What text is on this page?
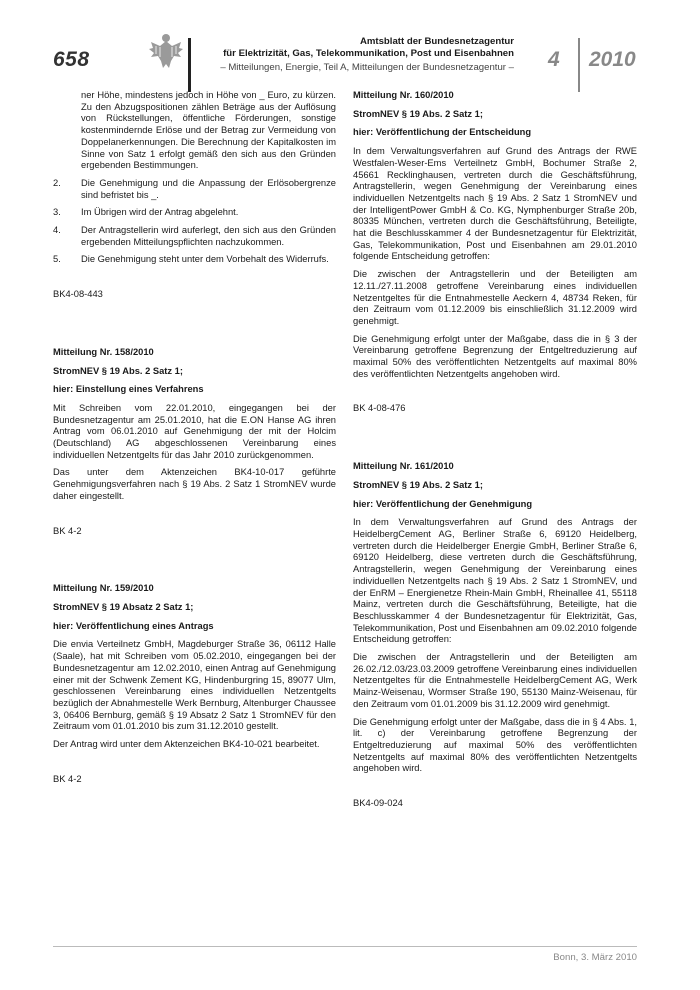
658
Amtsblatt der Bundesnetzagentur
für Elektrizität, Gas, Telekommunikation, Post und Eisenbahnen
– Mitteilungen, Energie, Teil A, Mitteilungen der Bundesnetzagentur – 4 2010

ner Höhe, mindestens jedoch in Höhe von _ Euro, zu kürzen. Zu den Abzugspositionen zählen Beträge aus der Auflösung von Rückstellungen, öffentliche Förderungen, sonstige kostenmindernde Erlöse und der Betrag zur Vermeidung von Doppelanerkennungen. Die Berechnung der Kapitalkosten im Sinne von Satz 1 erfolgt gemäß den sich aus den Gründen ergebenden Bestimmungen.

2.	Die Genehmigung und die Anpassung der Erlösobergrenze sind befristet bis _.
3.	Im Übrigen wird der Antrag abgelehnt.
4.	Der Antragstellerin wird auferlegt, den sich aus den Gründen ergebenden Mitteilungspflichten nachzukommen.
5.	Die Genehmigung steht unter dem Vorbehalt des Widerrufs.

BK4-08-443

Mitteilung Nr. 158/2010

StromNEV § 19 Abs. 2 Satz 1;

hier: Einstellung eines Verfahrens

Mit Schreiben vom 22.01.2010, eingegangen bei der Bundesnetzagentur am 25.01.2010, hat die E.ON Hanse AG ihren Antrag vom 06.01.2010 auf Genehmigung der mit der Holcim (Deutschland) AG abgeschlossenen Vereinbarung eines individuellen Netzentgelts für das Jahr 2010 zurückgenommen.

Das unter dem Aktenzeichen BK4-10-017 geführte Genehmigungsverfahren nach § 19 Abs. 2 Satz 1 StromNEV wurde daher eingestellt.

BK 4-2

Mitteilung Nr. 159/2010

StromNEV § 19 Absatz 2 Satz 1;

hier: Veröffentlichung eines Antrags

Die envia Verteilnetz GmbH, Magdeburger Straße 36, 06112 Halle (Saale), hat mit Schreiben vom 05.02.2010, eingegangen bei der Bundesnetzagentur am 12.02.2010, einen Antrag auf Genehmigung einer mit der Schwenk Zement KG, Hindenburgring 15, 89077 Ulm, geschlossenen Vereinbarung eines individuellen Netzentgelts bezüglich der Abnahmestelle Werk Bernburg, Altenburger Chaussee 3, 06406 Bernburg, gemäß § 19 Absatz 2 Satz 1 StromNEV für den Zeitraum vom 01.01.2010 bis zum 31.12.2010 gestellt.

Der Antrag wird unter dem Aktenzeichen BK4-10-021 bearbeitet.

BK 4-2

Mitteilung Nr. 160/2010

StromNEV § 19 Abs. 2 Satz 1;

hier: Veröffentlichung der Entscheidung

In dem Verwaltungsverfahren auf Grund des Antrags der RWE Westfalen-Weser-Ems Verteilnetz GmbH, Bochumer Straße 2, 45661 Recklinghausen, vertreten durch die Geschäftsführung, Antragstellerin, wegen Genehmigung der Vereinbarung eines individuellen Netzentgelts nach § 19 Abs. 2 Satz 1 StromNEV und der IntelligentPower GmbH & Co. KG, Nymphenburger Straße 20b, 80335 München, vertreten durch die Geschäftsführung, Beteiligte, hat die Beschlusskammer 4 der Bundesnetzagentur für Elektrizität, Gas, Telekommunikation, Post und Eisenbahnen am 29.01.2010 folgende Entscheidung getroffen:

Die zwischen der Antragstellerin und der Beteiligten am 12.11./27.11.2008 getroffene Vereinbarung eines individuellen Netzentgeltes für die Entnahmestelle Aeckern 4, 48734 Reken, für den Zeitraum vom 01.12.2009 bis einschließlich 31.12.2009 wird genehmigt.

Die Genehmigung erfolgt unter der Maßgabe, dass die in § 3 der Vereinbarung getroffene Begrenzung der Entgeltreduzierung auf maximal 50% des veröffentlichten Netzentgelts auf maximal 80% des veröffentlichten Netzentgelts angehoben wird.

BK 4-08-476

Mitteilung Nr. 161/2010

StromNEV § 19 Abs. 2 Satz 1;

hier: Veröffentlichung der Genehmigung

In dem Verwaltungsverfahren auf Grund des Antrags der HeidelbergCement AG, Berliner Straße 6, 69120 Heidelberg, vertreten durch die Heidelberger Energie GmbH, Berliner Straße 6, 69120 Heidelberg, diese vertreten durch die Geschäftsführung, Antragstellerin, wegen Genehmigung der Vereinbarung eines individuellen Netzentgelts nach § 19 Abs. 2 Satz 1 StromNEV, und der EnRM – Energienetze Rhein-Main GmbH, Rheinallee 41, 55118 Mainz, vertreten durch die Geschäftsführung, Beteiligte, hat die Beschlusskammer 4 der Bundesnetzagentur für Elektrizität, Gas, Telekommunikation, Post und Eisenbahnen am 09.02.2010 folgende Entscheidung getroffen:

Die zwischen der Antragstellerin und der Beteiligten am 26.02./12.03/23.03.2009 getroffene Vereinbarung eines individuellen Netzentgeltes für die Entnahmestelle HeidelbergCement AG, Werk Mainz-Weisenau, Wormser Straße 190, 55130 Mainz-Weisenau, für den Zeitraum vom 01.01.2009 bis 31.12.2009 wird genehmigt.

Die Genehmigung erfolgt unter der Maßgabe, dass die in § 4 Abs. 1, lit. c) der Vereinbarung getroffene Begrenzung der Entgeltreduzierung auf maximal 50% des veröffentlichten Netzentgelts auf maximal 80% des veröffentlichten Netzentgelts angehoben wird.

BK4-09-024

Bonn, 3. März 2010
